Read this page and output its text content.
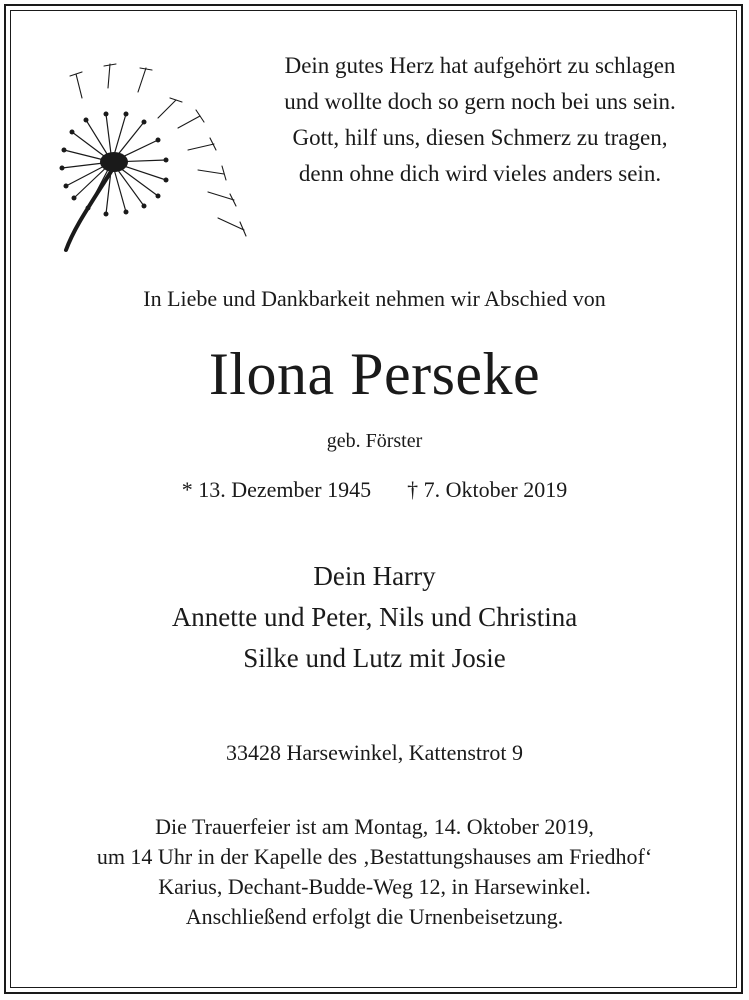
Dein gutes Herz hat aufgehört zu schlagen
und wollte doch so gern noch bei uns sein.
Gott, hilf uns, diesen Schmerz zu tragen,
denn ohne dich wird vieles anders sein.
In Liebe und Dankbarkeit nehmen wir Abschied von
Ilona Perseke
geb. Förster
* 13. Dezember 1945 † 7. Oktober 2019
Dein Harry
Annette und Peter, Nils und Christina
Silke und Lutz mit Josie
33428 Harsewinkel, Kattenstrot 9
Die Trauerfeier ist am Montag, 14. Oktober 2019,
um 14 Uhr in der Kapelle des ‚Bestattungshauses am Friedhof‘
Karius, Dechant-Budde-Weg 12, in Harsewinkel.
Anschließend erfolgt die Urnenbeisetzung.
